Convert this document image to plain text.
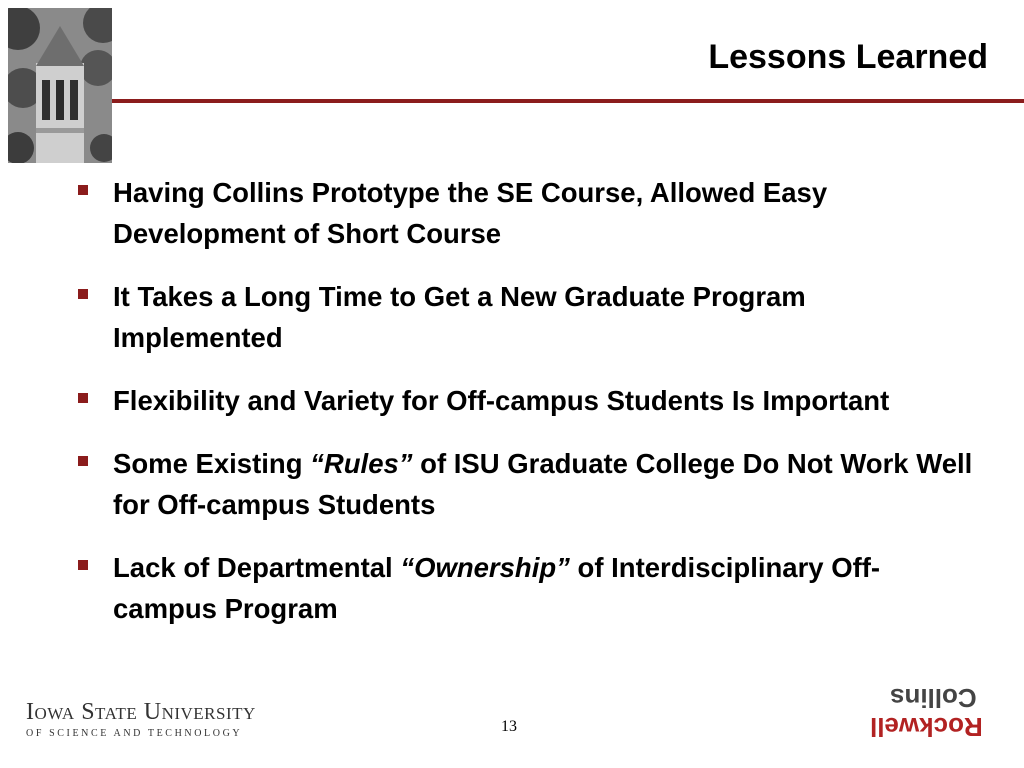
Lessons Learned
Having Collins Prototype the SE Course, Allowed Easy Development of Short Course
It Takes a Long Time to Get a New Graduate Program Implemented
Flexibility and Variety for Off-campus Students Is Important
Some Existing “Rules” of ISU Graduate College Do Not Work Well for Off-campus Students
Lack of Departmental “Ownership” of Interdisciplinary Off-campus Program
Iowa State University
OF SCIENCE AND TECHNOLOGY	13
Collins
Rockwell
